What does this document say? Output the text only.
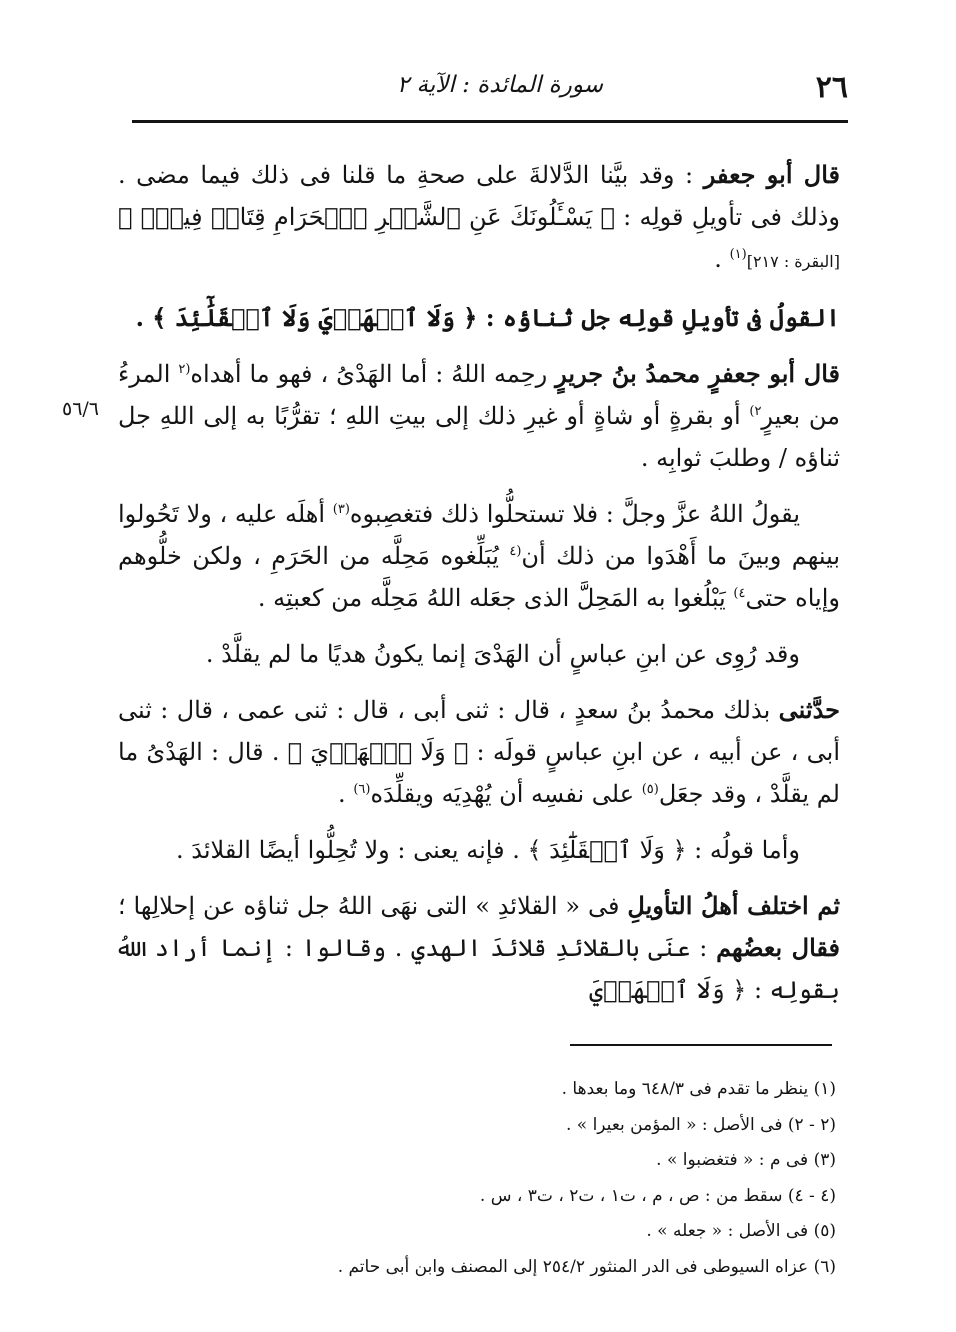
٢٦
سورة المائدة : الآية ٢
٥٦/٦

قال أبو جعفر : وقد بيَّنا الدَّلالةَ على صحةِ ما قلنا فى ذلك فيما مضى . وذلك فى تأويلِ قولِه : ﴿ يَسْـَٔلُونَكَ عَنِ ٱلشَّهۡرِ ٱلۡحَرَامِ قِتَالٖ فِيهِۖ ﴾ [البقرة : ٢١٧]$^{(١)}$ .

القولُ فى تأويلِ قولِه جل ثناؤه : ﴿ وَلَا ٱلۡهَدۡيَ وَلَا ٱلۡقَلَٰٓئِدَ ﴾ .

قال أبو جعفرٍ محمدُ بنُ جريرٍ رحِمه اللهُ : أما الهَدْىُ ، فهو ما أهداه$^{(٢}$ المرءُ من بعيرٍ$^{٢)}$ أو بقرةٍ أو شاةٍ أو غيرِ ذلك إلى بيتِ اللهِ ؛ تقرُّبًا به إلى اللهِ جل ثناؤه / وطلبَ ثوابِه .

يقولُ اللهُ عزَّ وجلَّ : فلا تستحلُّوا ذلك فتغصِبوه$^{(٣)}$ أهلَه عليه ، ولا تَحُولوا بينهم وبينَ ما أَهْدَوا من ذلك أن$^{(٤}$ يُبَلِّغوه مَحِلَّه من الحَرَمِ ، ولكن خلُّوهم وإياه حتى$^{٤)}$ يَبْلُغوا به المَحِلَّ الذى جعَله اللهُ مَحِلَّه من كعبتِه .

وقد رُوِى عن ابنِ عباسٍ أن الهَدْىَ إنما يكونُ هديًا ما لم يقلَّدْ .

حدَّثنى بذلك محمدُ بنُ سعدٍ ، قال : ثنى أبى ، قال : ثنى عمى ، قال : ثنى أبى ، عن أبيه ، عن ابنِ عباسٍ قولَه : ﴿ وَلَا ٱلۡهَدۡيَ ﴾ . قال : الهَدْىُ ما لم يقلَّدْ ، وقد جعَل$^{(٥)}$ على نفسِه أن يُهْدِيَه ويقلِّدَه$^{(٦)}$ .

وأما قولُه : ﴿ وَلَا ٱلۡقَلَٰٓئِدَ ﴾ . فإنه يعنى : ولا تُحِلُّوا أيضًا القلائدَ .

ثم اختلف أهلُ التأويلِ فى « القلائدِ » التى نهَى اللهُ جل ثناؤه عن إحلالِها ؛ فقال بعضُهم : عنَى بالقلائدِ قلائدَ الهديِ . وقالوا : إنما أراد اللهُ بقولِه : ﴿ وَلَا ٱلۡهَدۡيَ

(١) ينظر ما تقدم فى ٦٤٨/٣ وما بعدها .
(٢ - ٢) فى الأصل : « المؤمن بعيرا » .
(٣) فى م : « فتغضبوا » .
(٤ - ٤) سقط من : ص ، م ، ت١ ، ت٢ ، ت٣ ، س .
(٥) فى الأصل : « جعله » .
(٦) عزاه السيوطى فى الدر المنثور ٢٥٤/٢ إلى المصنف وابن أبى حاتم .
